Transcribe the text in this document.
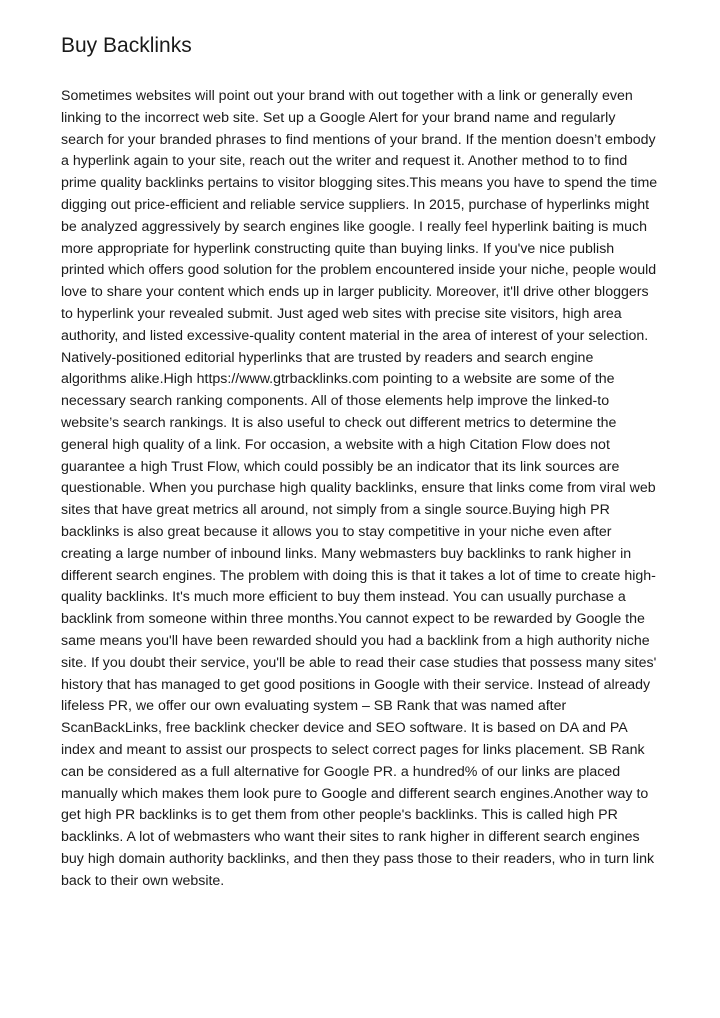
Buy Backlinks

Sometimes websites will point out your brand with out together with a link or generally even linking to the incorrect web site. Set up a Google Alert for your brand name and regularly search for your branded phrases to find mentions of your brand. If the mention doesn’t embody a hyperlink again to your site, reach out the writer and request it. Another method to to find prime quality backlinks pertains to visitor blogging sites.This means you have to spend the time digging out price-efficient and reliable service suppliers. In 2015, purchase of hyperlinks might be analyzed aggressively by search engines like google. I really feel hyperlink baiting is much more appropriate for hyperlink constructing quite than buying links. If you've nice publish printed which offers good solution for the problem encountered inside your niche, people would love to share your content which ends up in larger publicity. Moreover, it'll drive other bloggers to hyperlink your revealed submit. Just aged web sites with precise site visitors, high area authority, and listed excessive-quality content material in the area of interest of your selection. Natively-positioned editorial hyperlinks that are trusted by readers and search engine algorithms alike.High https://www.gtrbacklinks.com pointing to a website are some of the necessary search ranking components. All of those elements help improve the linked-to website’s search rankings. It is also useful to check out different metrics to determine the general high quality of a link. For occasion, a website with a high Citation Flow does not guarantee a high Trust Flow, which could possibly be an indicator that its link sources are questionable. When you purchase high quality backlinks, ensure that links come from viral web sites that have great metrics all around, not simply from a single source.Buying high PR backlinks is also great because it allows you to stay competitive in your niche even after creating a large number of inbound links. Many webmasters buy backlinks to rank higher in different search engines. The problem with doing this is that it takes a lot of time to create high-quality backlinks. It's much more efficient to buy them instead. You can usually purchase a backlink from someone within three months.You cannot expect to be rewarded by Google the same means you'll have been rewarded should you had a backlink from a high authority niche site. If you doubt their service, you'll be able to read their case studies that possess many sites' history that has managed to get good positions in Google with their service. Instead of already lifeless PR, we offer our own evaluating system – SB Rank that was named after ScanBackLinks, free backlink checker device and SEO software. It is based on DA and PA index and meant to assist our prospects to select correct pages for links placement. SB Rank can be considered as a full alternative for Google PR. a hundred% of our links are placed manually which makes them look pure to Google and different search engines.Another way to get high PR backlinks is to get them from other people's backlinks. This is called high PR backlinks. A lot of webmasters who want their sites to rank higher in different search engines buy high domain authority backlinks, and then they pass those to their readers, who in turn link back to their own website.
